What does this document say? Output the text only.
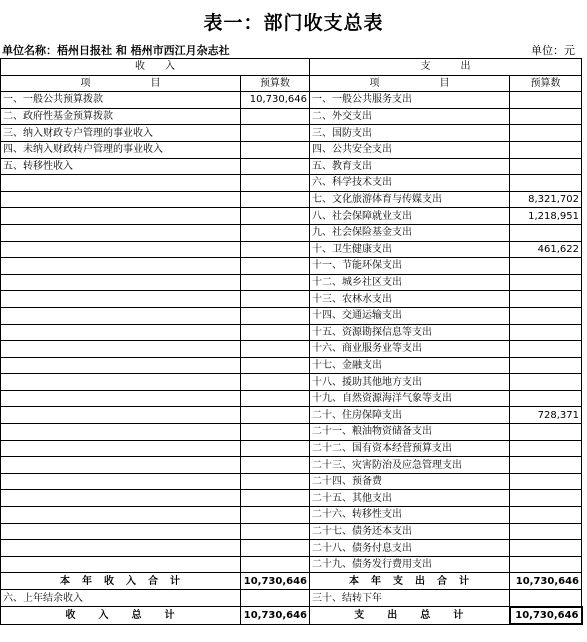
表一：部门收支总表
单位名称：梧州日报社 和 梧州市西江月杂志社	单位：元
收　　入		支　　　出	
项　　　　　　目	预算数	项　　　　　　目	预算数
一、一般公共预算拨款	10,730,646	一、一般公共服务支出	
二、政府性基金预算拨款		二、外交支出	
三、纳入财政专户管理的事业收入		三、国防支出	
四、未纳入财政转户管理的事业收入		四、公共安全支出	
五、转移性收入		五、教育支出	
		六、科学技术支出	
		七、文化旅游体育与传媒支出	8,321,702
		八、社会保障就业支出	1,218,951
		九、社会保险基金支出	
		十、卫生健康支出	461,622
		十一、节能环保支出	
		十二、城乡社区支出	
		十三、农林水支出	
		十四、交通运输支出	
		十五、资源勘探信息等支出	
		十六、商业服务业等支出	
		十七、金融支出	
		十八、援助其他地方支出	
		十九、自然资源海洋气象等支出	
		二十、住房保障支出	728,371
		二十一、粮油物资储备支出	
		二十二、国有资本经营预算支出	
		二十三、灾害防治及应急管理支出	
		二十四、预备费	
		二十五、其他支出	
		二十六、转移性支出	
		二十七、债务还本支出	
		二十八、债务付息支出	
		二十九、债务发行费用支出	
本　年　收　入　合　计	10,730,646	本　年　支　出　合　计	10,730,646
六、上年结余收入		三十、结转下年	
收　　入　　总　　计	10,730,646	支　　出　　总　　计	10,730,646
